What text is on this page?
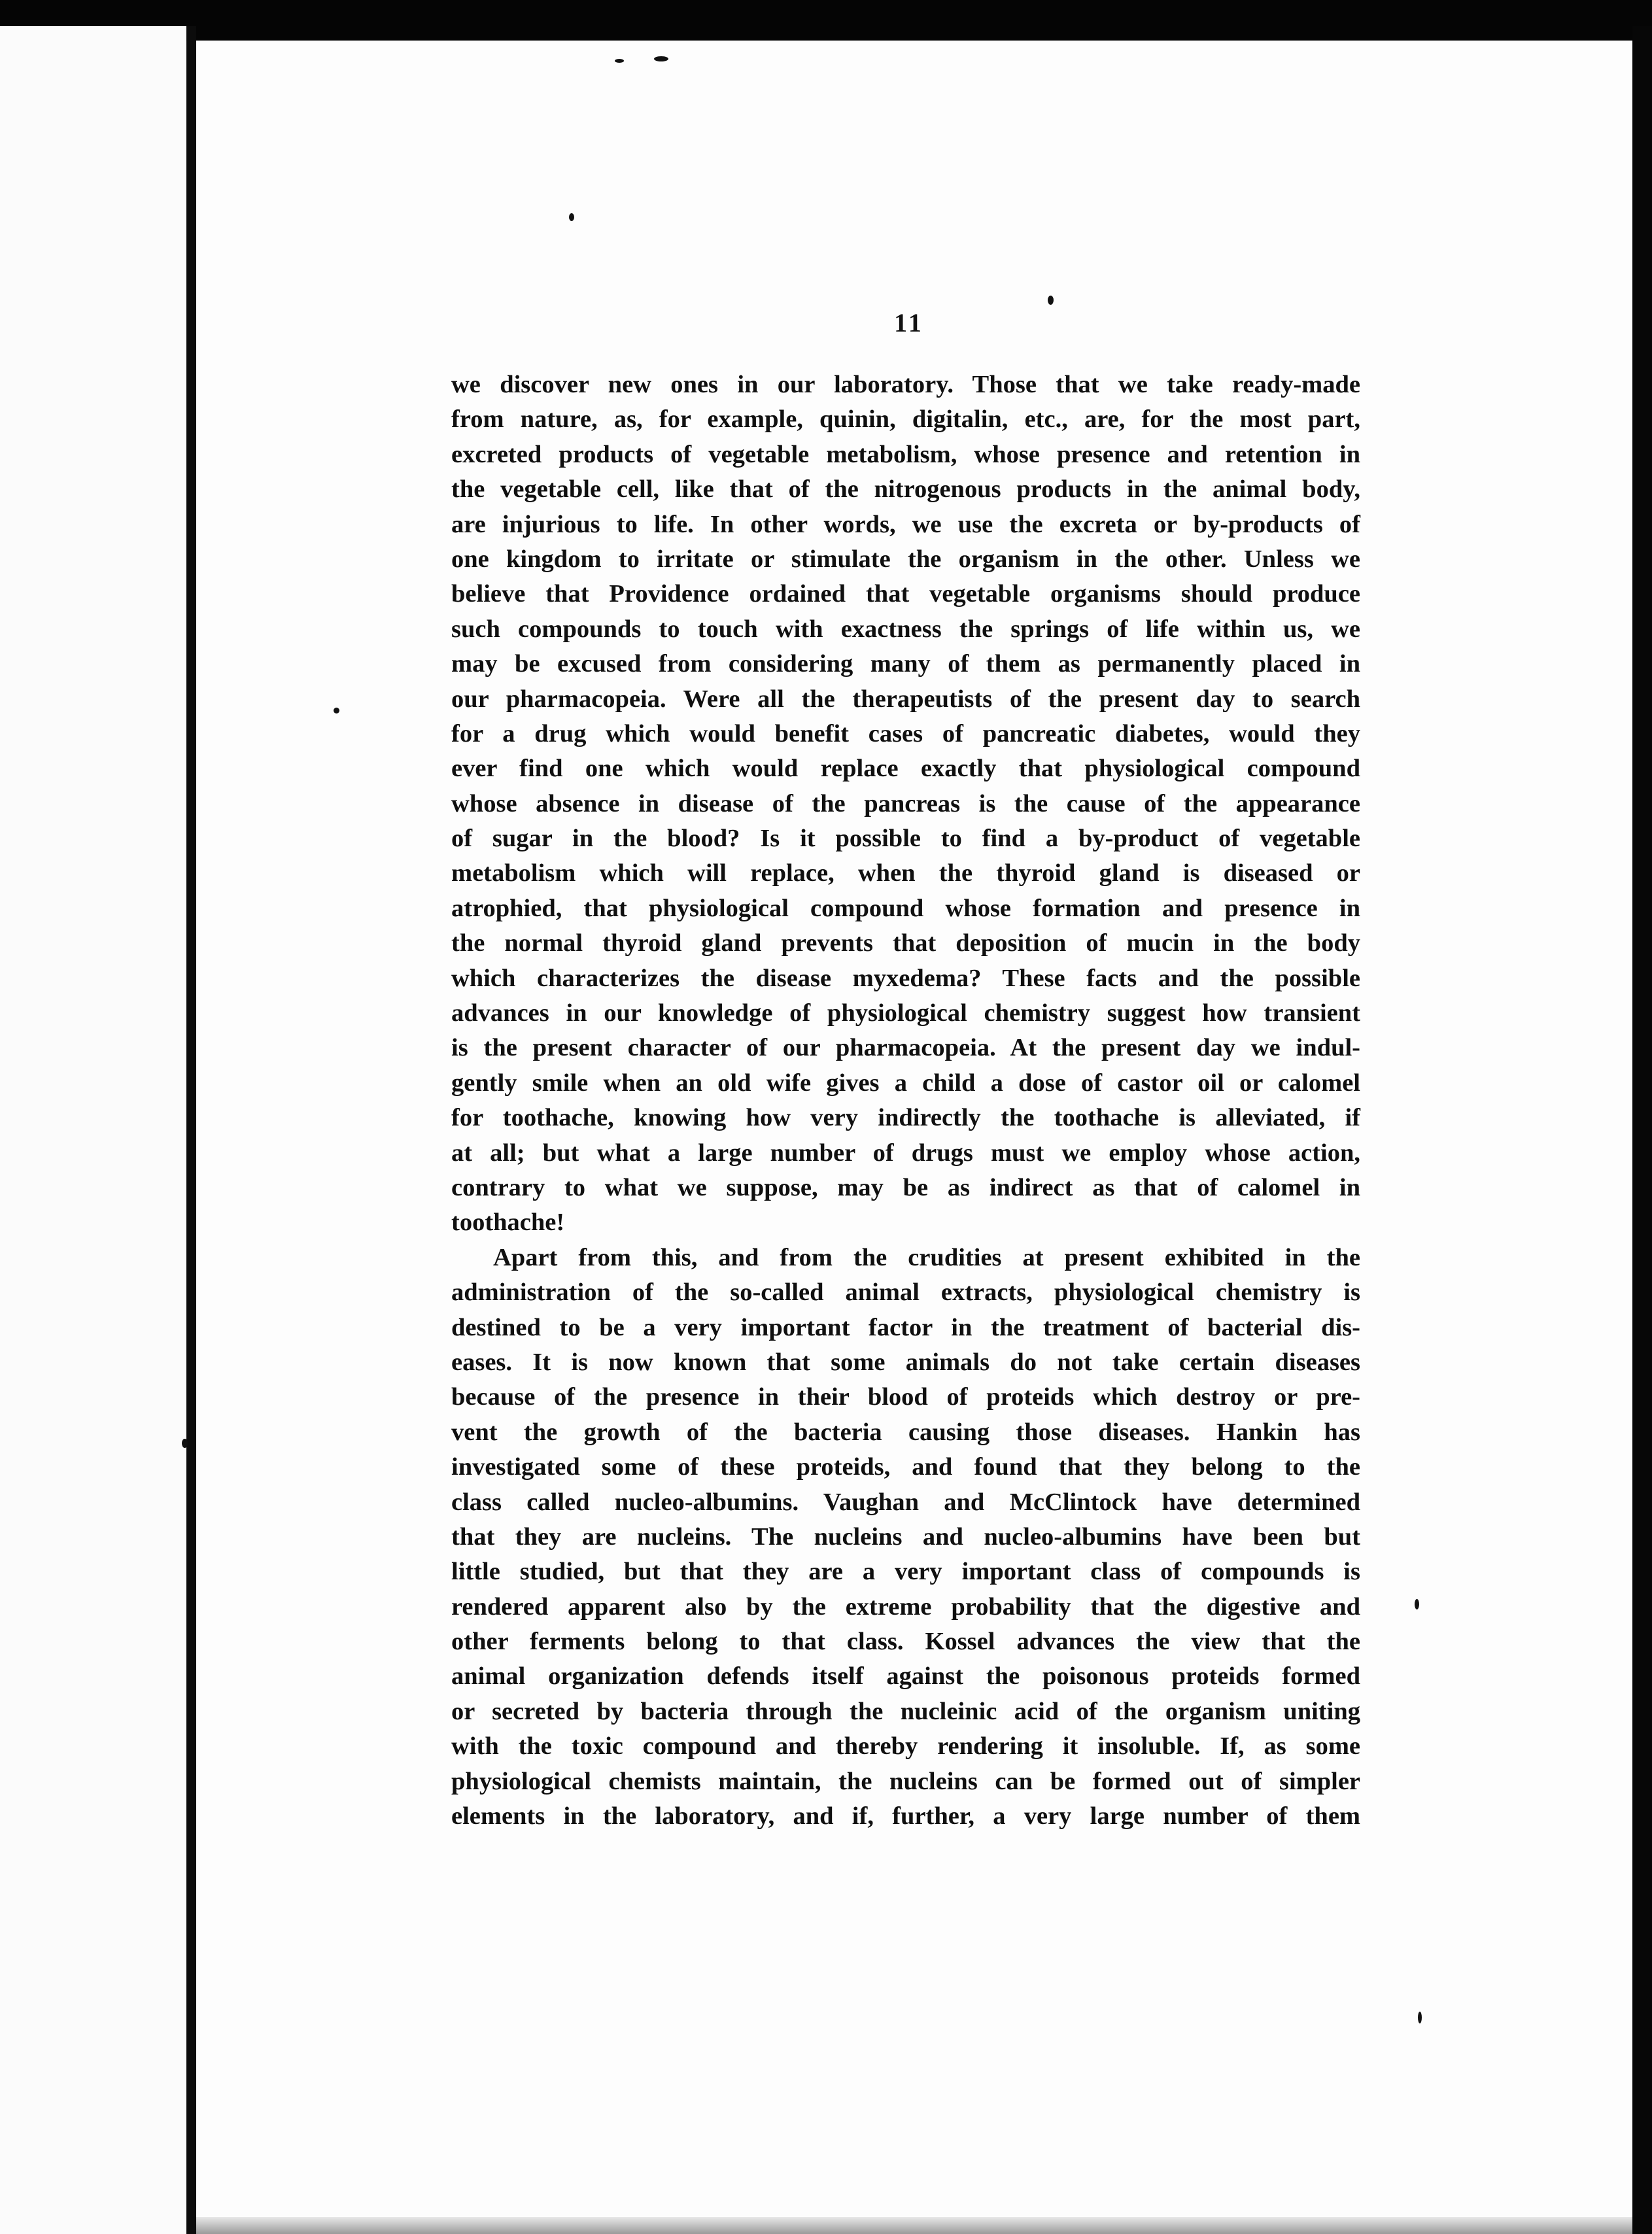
11
we discover new ones in our laboratory. Those that we take ready-made
from nature, as, for example, quinin, digitalin, etc., are, for the most part,
excreted products of vegetable metabolism, whose presence and retention in
the vegetable cell, like that of the nitrogenous products in the animal body,
are injurious to life. In other words, we use the excreta or by-products of
one kingdom to irritate or stimulate the organism in the other. Unless we
believe that Providence ordained that vegetable organisms should produce
such compounds to touch with exactness the springs of life within us, we
may be excused from considering many of them as permanently placed in
our pharmacopeia. Were all the therapeutists of the present day to search
for a drug which would benefit cases of pancreatic diabetes, would they
ever find one which would replace exactly that physiological compound
whose absence in disease of the pancreas is the cause of the appearance
of sugar in the blood? Is it possible to find a by-product of vegetable
metabolism which will replace, when the thyroid gland is diseased or
atrophied, that physiological compound whose formation and presence in
the normal thyroid gland prevents that deposition of mucin in the body
which characterizes the disease myxedema? These facts and the possible
advances in our knowledge of physiological chemistry suggest how transient
is the present character of our pharmacopeia. At the present day we indul-
gently smile when an old wife gives a child a dose of castor oil or calomel
for toothache, knowing how very indirectly the toothache is alleviated, if
at all; but what a large number of drugs must we employ whose action,
contrary to what we suppose, may be as indirect as that of calomel in
toothache!
Apart from this, and from the crudities at present exhibited in the
administration of the so-called animal extracts, physiological chemistry is
destined to be a very important factor in the treatment of bacterial dis-
eases. It is now known that some animals do not take certain diseases
because of the presence in their blood of proteids which destroy or pre-
vent the growth of the bacteria causing those diseases. Hankin has
investigated some of these proteids, and found that they belong to the
class called nucleo-albumins. Vaughan and McClintock have determined
that they are nucleins. The nucleins and nucleo-albumins have been but
little studied, but that they are a very important class of compounds is
rendered apparent also by the extreme probability that the digestive and
other ferments belong to that class. Kossel advances the view that the
animal organization defends itself against the poisonous proteids formed
or secreted by bacteria through the nucleinic acid of the organism uniting
with the toxic compound and thereby rendering it insoluble. If, as some
physiological chemists maintain, the nucleins can be formed out of simpler
elements in the laboratory, and if, further, a very large number of them
